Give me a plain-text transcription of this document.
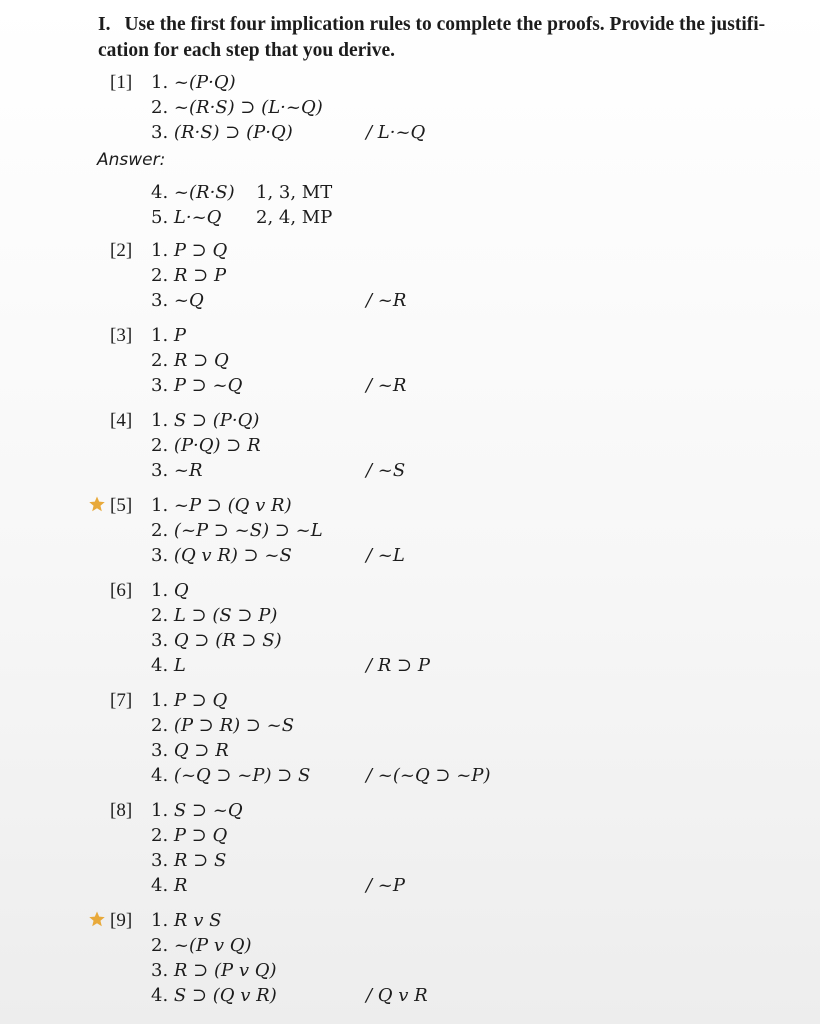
I. Use the first four implication rules to complete the proofs. Provide the justifi-
cation for each step that you derive.
[1] 1. ~(P·Q)
2. ~(R·S) ⊃ (L·~Q)
3. (R·S) ⊃ (P·Q)	/ L·~Q
Answer:
4. ~(R·S) 1, 3, MT
5. L·~Q 2, 4, MP
[2] 1. P ⊃ Q
2. R ⊃ P
3. ~Q	/ ~R
[3] 1. P
2. R ⊃ Q
3. P ⊃ ~Q	/ ~R
[4] 1. S ⊃ (P·Q)
2. (P·Q) ⊃ R
3. ~R	/ ~S
[5] 1. ~P ⊃ (Q v R)
2. (~P ⊃ ~S) ⊃ ~L
3. (Q v R) ⊃ ~S	/ ~L
[6] 1. Q
2. L ⊃ (S ⊃ P)
3. Q ⊃ (R ⊃ S)
4. L	/ R ⊃ P
[7] 1. P ⊃ Q
2. (P ⊃ R) ⊃ ~S
3. Q ⊃ R
4. (~Q ⊃ ~P) ⊃ S	/ ~(~Q ⊃ ~P)
[8] 1. S ⊃ ~Q
2. P ⊃ Q
3. R ⊃ S
4. R	/ ~P
[9] 1. R v S
2. ~(P v Q)
3. R ⊃ (P v Q)
4. S ⊃ (Q v R)	/ Q v R
